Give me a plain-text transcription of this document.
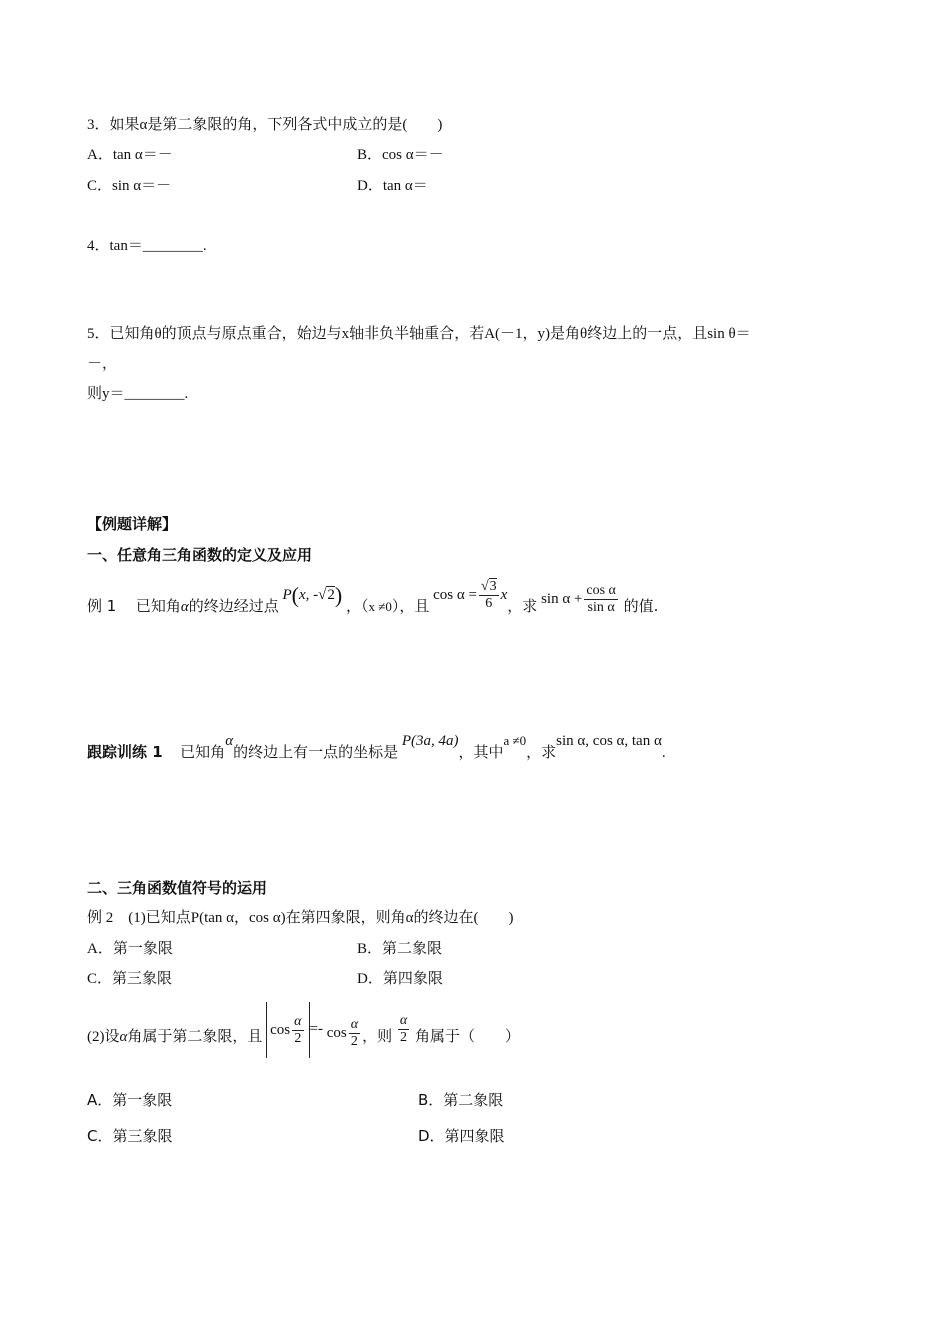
3．如果α是第二象限的角，下列各式中成立的是(　　)
A．tan α＝－	B．cos α＝－
C．sin α＝－	D．tan α＝
4．tan＝________.
5．已知角θ的顶点与原点重合，始边与x轴非负半轴重合，若A(－1，y)是角θ终边上的一点，且sin θ＝
－，
则y＝________.
【例题详解】
一、任意角三角函数的定义及应用
例 1 已知角α的终边经过点 P(x, -√2) ，（x ≠0），且 $\cos \alpha = \frac{√3}{6}$ x，求 $\sin \alpha + \frac{\text{cos α}}{\text{sin α}}$ 的值.
跟踪训练 1 已知角α的终边上有一点的坐标是 P(3a, 4a)，其中a ≠0，求sin α, cos α, tan α.
二、三角函数值符号的运用
例 2　(1)已知点P(tan α，cos α)在第四象限，则角α的终边在(　　)
A．第一象限	B．第二象限
C．第三象限	D．第四象限
(2)设α角属于第二象限，且 $\cos \frac{\alpha}{2} =- \cos \frac{\alpha}{2}$ ，则 $\frac{\alpha}{2}$ 角属于（　　）
A．第一象限	B．第二象限
C．第三象限	D．第四象限
